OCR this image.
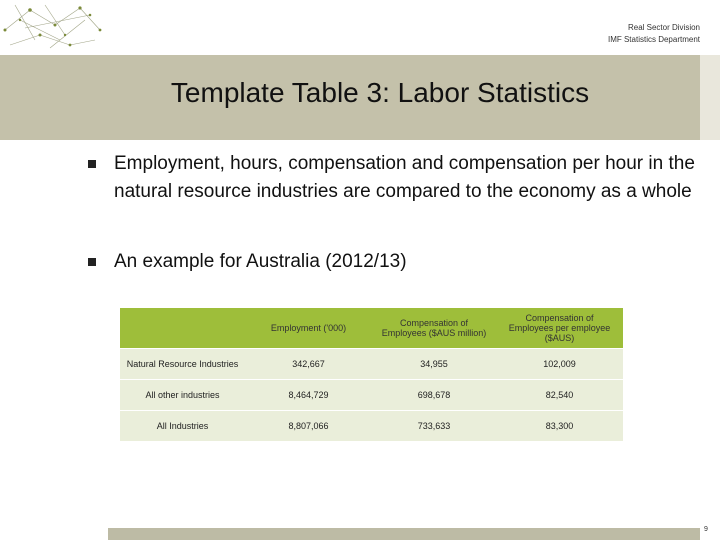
Real Sector Division
IMF Statistics Department
Template Table 3: Labor Statistics
Employment, hours, compensation and compensation per hour in the natural resource industries are compared to the economy as a whole
An example for Australia (2012/13)
	Employment ('000)	Compensation of Employees ($AUS million)	Compensation of Employees per employee ($AUS)
Natural Resource Industries	342,667	34,955	102,009
All other industries	8,464,729	698,678	82,540
All Industries	8,807,066	733,633	83,300
9
